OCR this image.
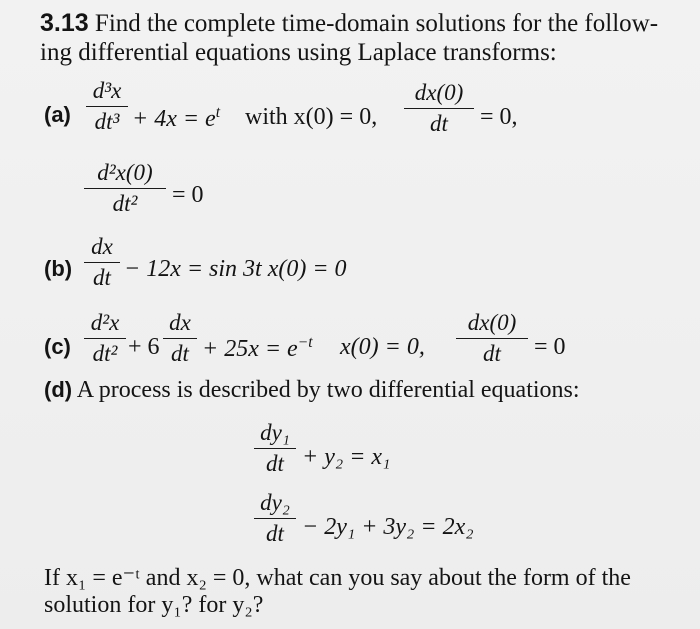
3.13 Find the complete time-domain solutions for the follow-
ing differential equations using Laplace transforms:
(a)
d³x
$dt^3 + 4x = e^t$ with x(0) = 0,
dx(0)
dt	= 0,
d²x(0)
dt²	= 0
(b)
dx
dt − 12x = sin 3t x(0) = 0
(c)
d²x
dt² + 6
dx
dt + $25x = e^{-t}$ x(0) = 0,
dx(0)
dt	= 0
(d) A process is described by two differential equations:
dy₁
dt + y₂ = x₁
dy₂
dt − 2y₁ + 3y₂ = 2x₂
If x₁ = e⁻ᵗ and x₂ = 0, what can you say about the form of the
solution for y₁? for y₂?
